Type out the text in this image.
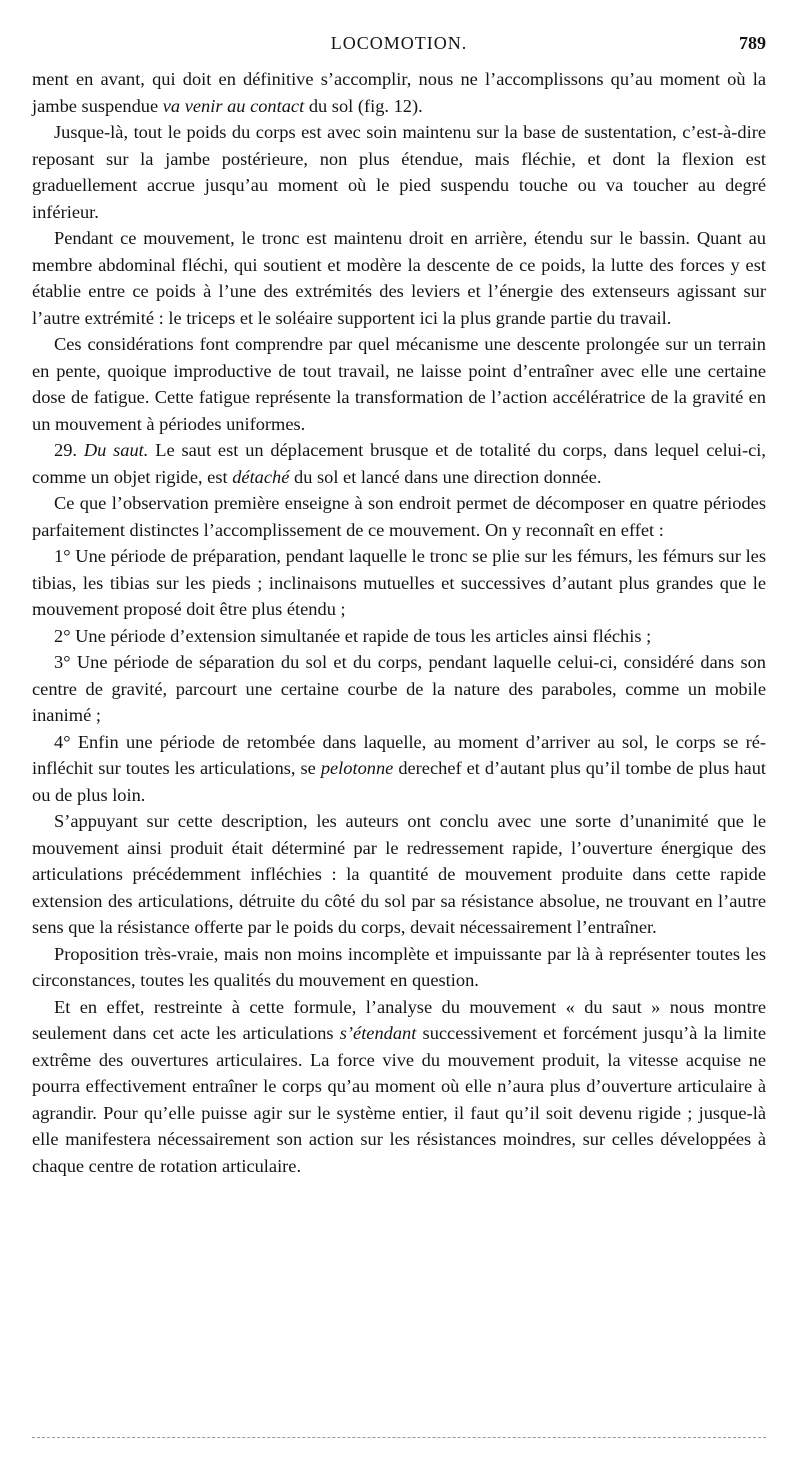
LOCOMOTION.	789

ment en avant, qui doit en définitive s’accomplir, nous ne l’accomplissons qu’au moment où la jambe suspendue va venir au contact du sol (fig. 12).

Jusque-là, tout le poids du corps est avec soin maintenu sur la base de sustentation, c’est-à-dire reposant sur la jambe postérieure, non plus étendue, mais fléchie, et dont la flexion est graduellement accrue jusqu’au moment où le pied suspendu touche ou va toucher au degré inférieur.

Pendant ce mouvement, le tronc est maintenu droit en arrière, étendu sur le bassin. Quant au membre abdominal fléchi, qui soutient et modère la descente de ce poids, la lutte des forces y est établie entre ce poids à l’une des extrémités des leviers et l’énergie des extenseurs agissant sur l’autre extrémité : le triceps et le soléaire supportent ici la plus grande partie du travail.

Ces considérations font comprendre par quel mécanisme une descente prolongée sur un terrain en pente, quoique improductive de tout travail, ne laisse point d’entraîner avec elle une certaine dose de fatigue. Cette fatigue représente la transformation de l’action accélératrice de la gravité en un mouvement à périodes uniformes.

29. Du saut. Le saut est un déplacement brusque et de totalité du corps, dans lequel celui-ci, comme un objet rigide, est détaché du sol et lancé dans une direction donnée.

Ce que l’observation première enseigne à son endroit permet de décomposer en quatre périodes parfaitement distinctes l’accomplissement de ce mouvement. On y reconnaît en effet :

1° Une période de préparation, pendant laquelle le tronc se plie sur les fémurs, les fémurs sur les tibias, les tibias sur les pieds ; inclinaisons mutuelles et successives d’autant plus grandes que le mouvement proposé doit être plus étendu ;

2° Une période d’extension simultanée et rapide de tous les articles ainsi fléchis ;

3° Une période de séparation du sol et du corps, pendant laquelle celui-ci, considéré dans son centre de gravité, parcourt une certaine courbe de la nature des paraboles, comme un mobile inanimé ;

4° Enfin une période de retombée dans laquelle, au moment d’arriver au sol, le corps se ré-infléchit sur toutes les articulations, se pelotonne derechef et d’autant plus qu’il tombe de plus haut ou de plus loin.

S’appuyant sur cette description, les auteurs ont conclu avec une sorte d’unanimité que le mouvement ainsi produit était déterminé par le redressement rapide, l’ouverture énergique des articulations précédemment infléchies : la quantité de mouvement produite dans cette rapide extension des articulations, détruite du côté du sol par sa résistance absolue, ne trouvant en l’autre sens que la résistance offerte par le poids du corps, devait nécessairement l’entraîner.

Proposition très-vraie, mais non moins incomplète et impuissante par là à représenter toutes les circonstances, toutes les qualités du mouvement en question.

Et en effet, restreinte à cette formule, l’analyse du mouvement « du saut » nous montre seulement dans cet acte les articulations s’étendant successivement et forcément jusqu’à la limite extrême des ouvertures articulaires. La force vive du mouvement produit, la vitesse acquise ne pourra effectivement entraîner le corps qu’au moment où elle n’aura plus d’ouverture articulaire à agrandir. Pour qu’elle puisse agir sur le système entier, il faut qu’il soit devenu rigide ; jusque-là elle manifestera nécessairement son action sur les résistances moindres, sur celles développées à chaque centre de rotation articulaire.
